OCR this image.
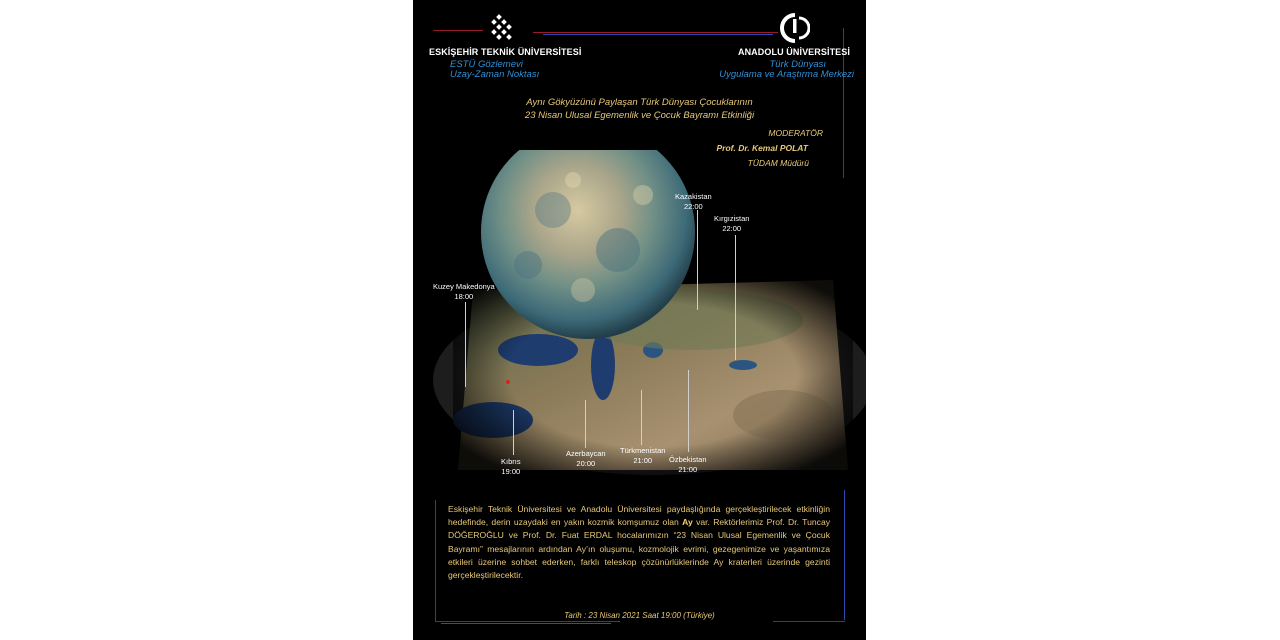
ESKİŞEHİR TEKNİK ÜNİVERSİTESİ	ANADOLU ÜNİVERSİTESİ
ESTÜ Gözlemevi
Uzay-Zaman Noktası
Türk Dünyası
Uygulama ve Araştırma Merkezi
Aynı Gökyüzünü Paylaşan Türk Dünyası Çocuklarının
23 Nisan Ulusal Egemenlik ve Çocuk Bayramı Etkinliği
MODERATÖR
Prof. Dr. Kemal POLAT
TÜDAM Müdürü
Kazakistan
22:00
Kırgızistan
22:00
Kuzey Makedonya
18:00
Kıbrıs
19:00
Azerbaycan
20:00
Türkmenistan
21:00	Özbekistan
21:00

Eskişehir Teknik Üniversitesi ve Anadolu Üniversitesi paydaşlığında gerçekleştirilecek etkinliğin hedefinde, derin uzaydaki en yakın kozmik komşumuz olan Ay var. Rektörlerimiz Prof. Dr. Tuncay DÖĞEROĞLU ve Prof. Dr. Fuat ERDAL hocalarımızın “23 Nisan Ulusal Egemenlik ve Çocuk Bayramı” mesajlarının ardından Ay’ın oluşumu, kozmolojik evrimi, gezegenimize ve yaşantımıza etkileri üzerine sohbet ederken, farklı teleskop çözünürlüklerinde Ay kraterleri üzerinde gezinti gerçekleştirilecektir.

Tarih : 23 Nisan 2021 Saat 19:00 (Türkiye)
